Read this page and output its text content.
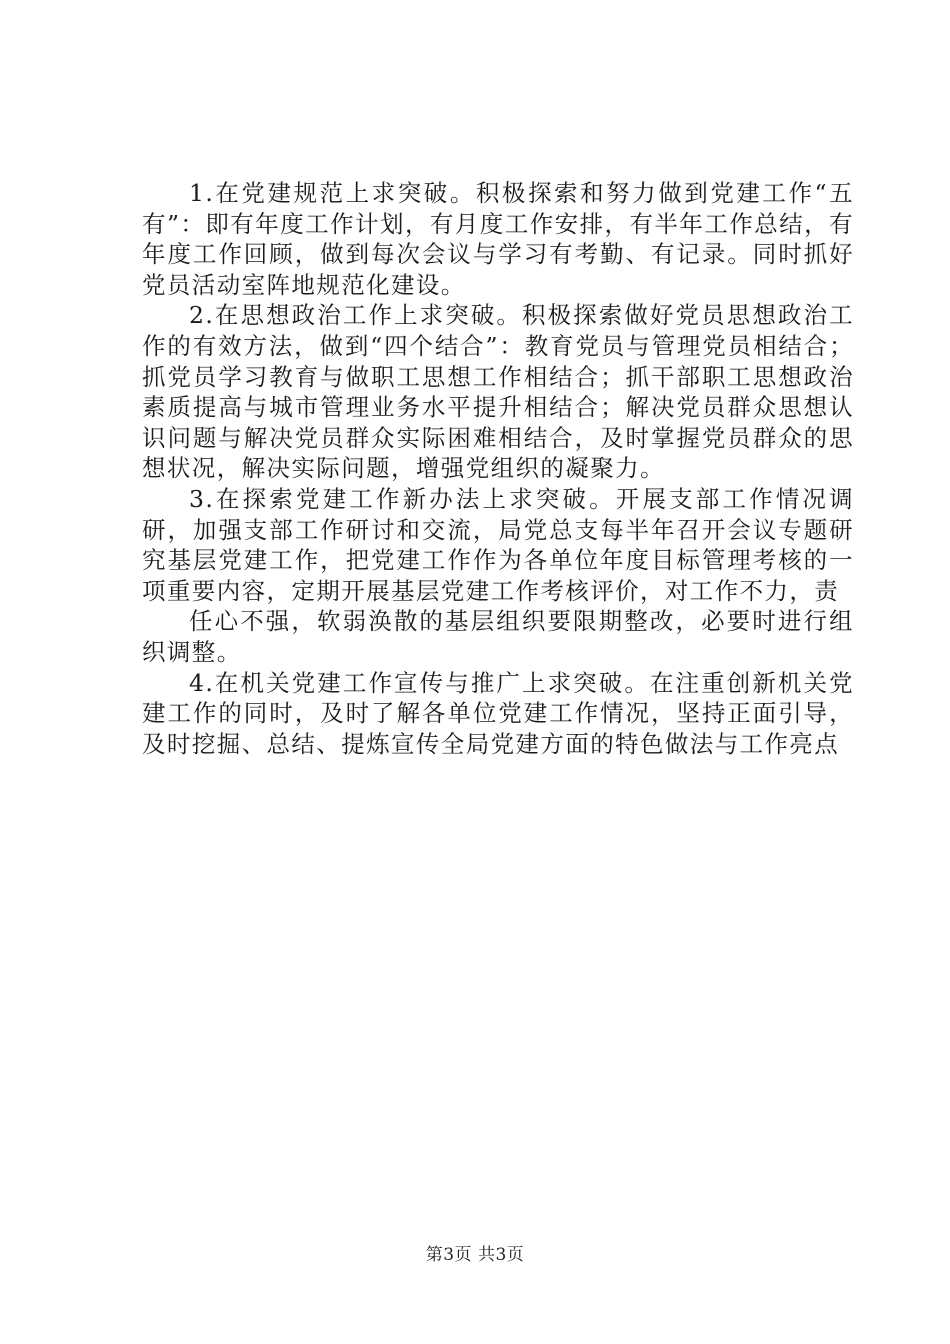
1.在党建规范上求突破。积极探索和努力做到党建工作“五有”：即有年度工作计划，有月度工作安排，有半年工作总结，有年度工作回顾，做到每次会议与学习有考勤、有记录。同时抓好党员活动室阵地规范化建设。

2.在思想政治工作上求突破。积极探索做好党员思想政治工作的有效方法，做到“四个结合”：教育党员与管理党员相结合；抓党员学习教育与做职工思想工作相结合；抓干部职工思想政治素质提高与城市管理业务水平提升相结合；解决党员群众思想认识问题与解决党员群众实际困难相结合，及时掌握党员群众的思想状况，解决实际问题，增强党组织的凝聚力。

3.在探索党建工作新办法上求突破。开展支部工作情况调研，加强支部工作研讨和交流，局党总支每半年召开会议专题研究基层党建工作，把党建工作作为各单位年度目标管理考核的一项重要内容，定期开展基层党建工作考核评价，对工作不力，责

任心不强，软弱涣散的基层组织要限期整改，必要时进行组织调整。

4.在机关党建工作宣传与推广上求突破。在注重创新机关党建工作的同时，及时了解各单位党建工作情况，坚持正面引导，及时挖掘、总结、提炼宣传全局党建方面的特色做法与工作亮点

第3页 共3页
